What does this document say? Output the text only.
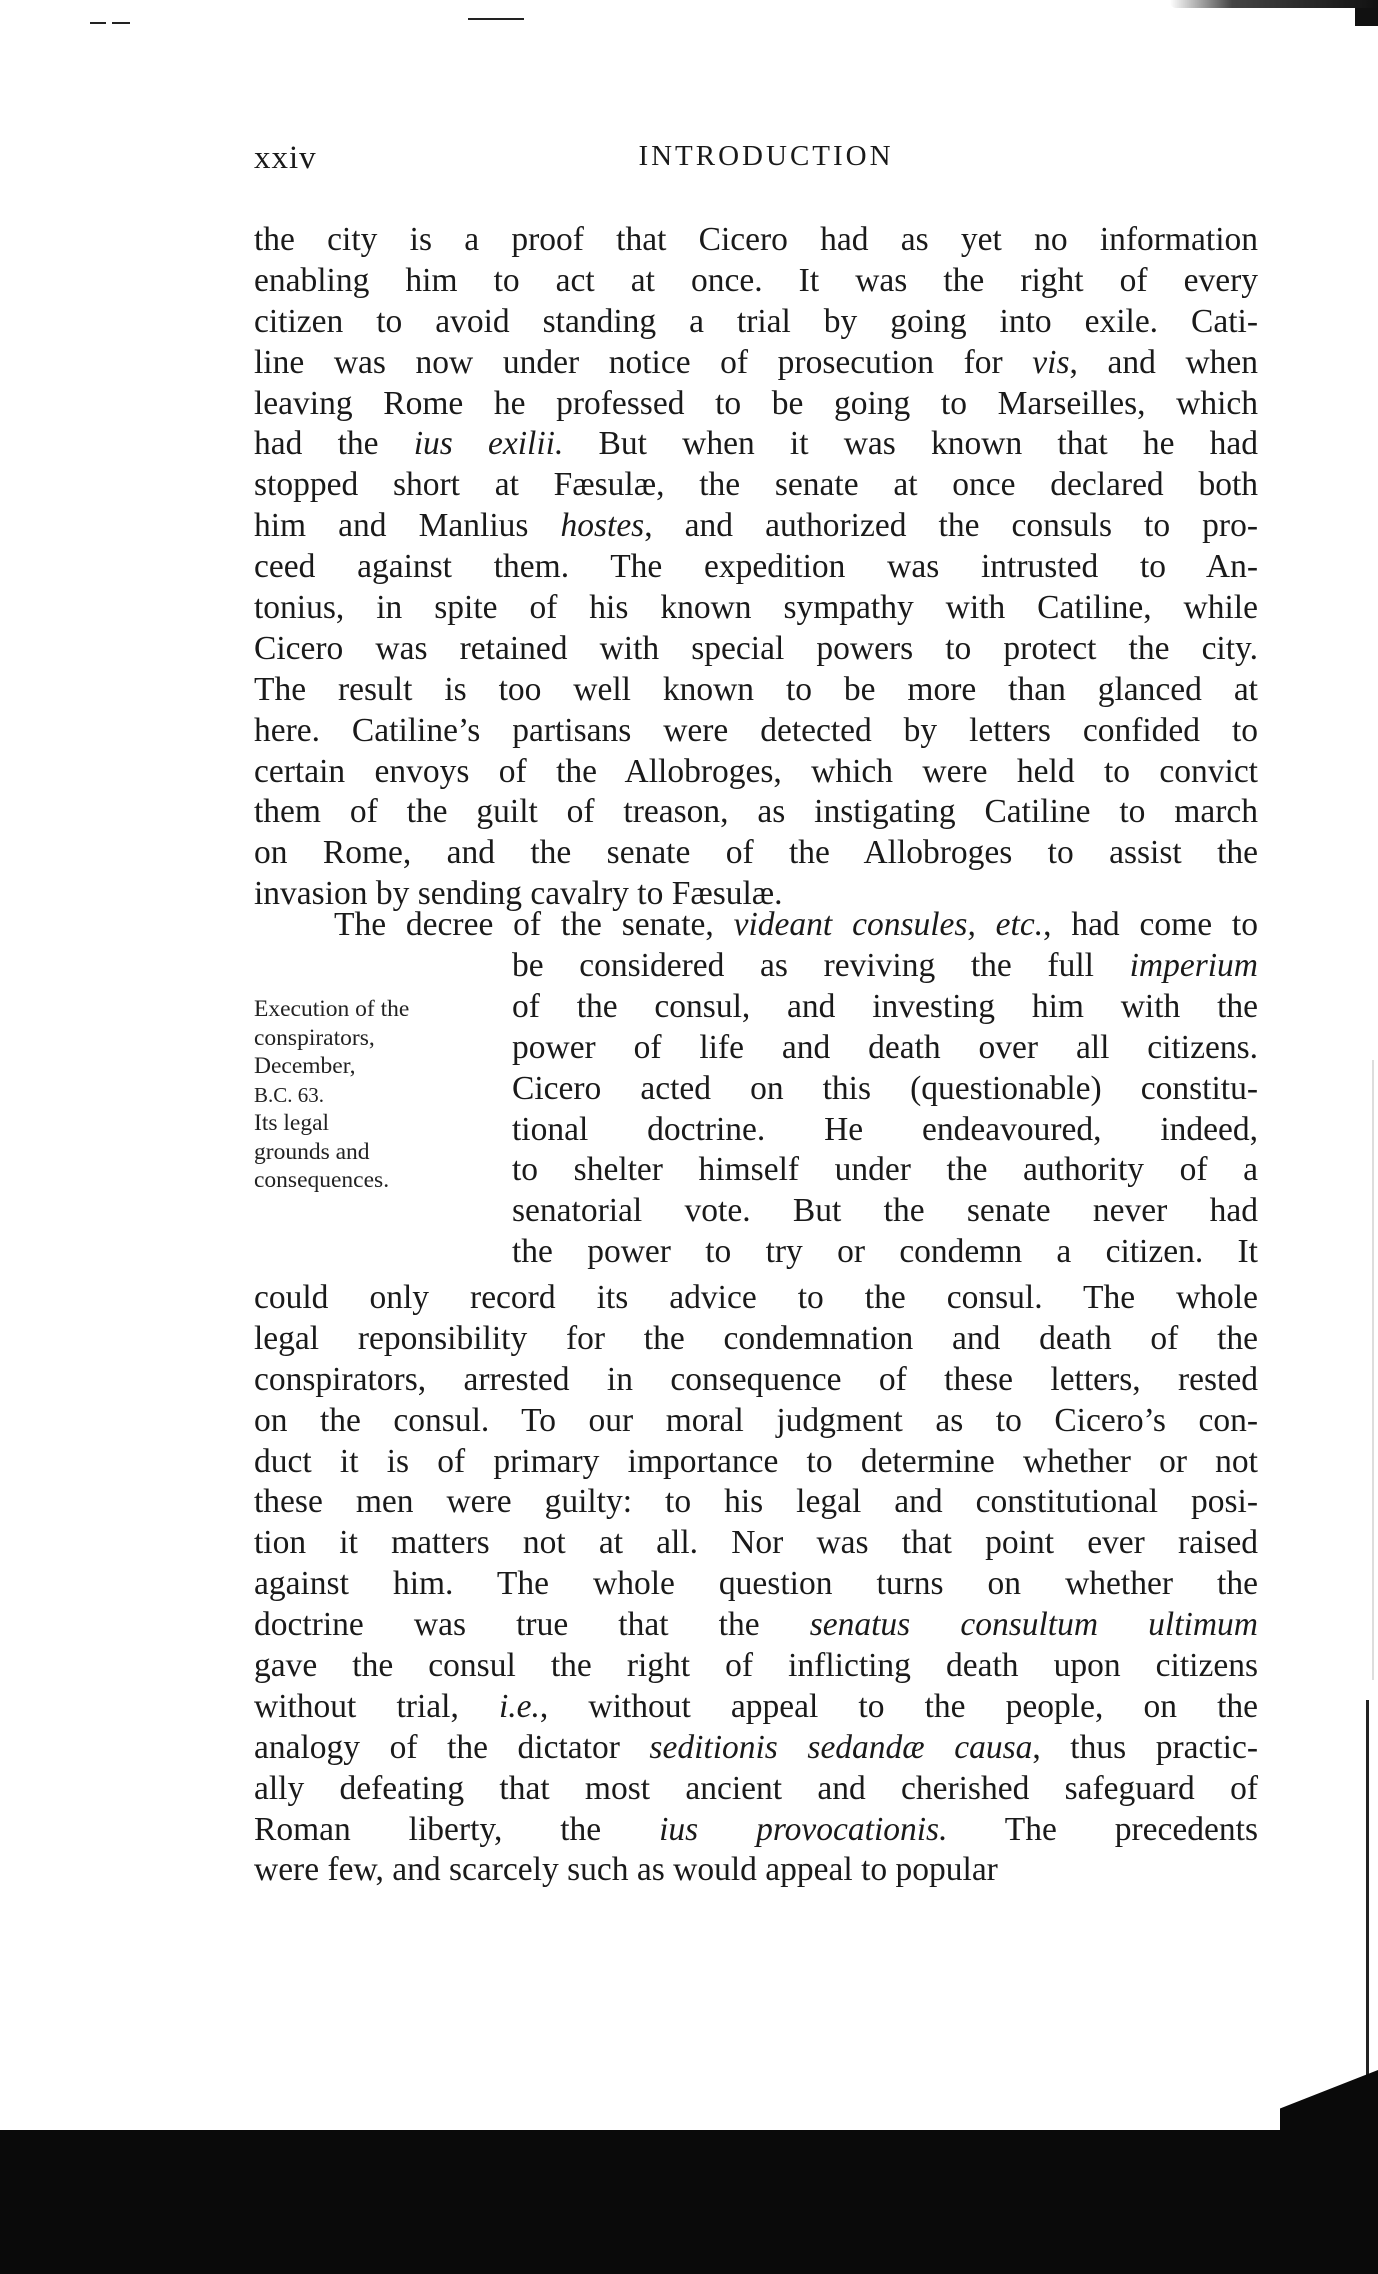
xxiv	INTRODUCTION
the city is a proof that Cicero had as yet no information
enabling him to act at once. It was the right of every
citizen to avoid standing a trial by going into exile. Cati-
line was now under notice of prosecution for vis, and when
leaving Rome he professed to be going to Marseilles, which
had the ius exilii. But when it was known that he had
stopped short at Fæsulæ, the senate at once declared both
him and Manlius hostes, and authorized the consuls to pro-
ceed against them. The expedition was intrusted to An-
tonius, in spite of his known sympathy with Catiline, while
Cicero was retained with special powers to protect the city.
The result is too well known to be more than glanced at
here. Catiline’s partisans were detected by letters confided to
certain envoys of the Allobroges, which were held to convict
them of the guilt of treason, as instigating Catiline to march
on Rome, and the senate of the Allobroges to assist the
invasion by sending cavalry to Fæsulæ.
The decree of the senate, videant consules, etc., had come to
be considered as reviving the full imperium
of the consul, and investing him with the
power of life and death over all citizens.
Cicero acted on this (questionable) constitu-
tional doctrine. He endeavoured, indeed,
to shelter himself under the authority of a
senatorial vote. But the senate never had
the power to try or condemn a citizen. It
Execution of the
conspirators,
December,
B.C. 63.
Its legal
grounds and
consequences.
could only record its advice to the consul. The whole
legal reponsibility for the condemnation and death of the
conspirators, arrested in consequence of these letters, rested
on the consul. To our moral judgment as to Cicero’s con-
duct it is of primary importance to determine whether or not
these men were guilty: to his legal and constitutional posi-
tion it matters not at all. Nor was that point ever raised
against him. The whole question turns on whether the
doctrine was true that the senatus consultum ultimum
gave the consul the right of inflicting death upon citizens
without trial, i.e., without appeal to the people, on the
analogy of the dictator seditionis sedandæ causa, thus practic-
ally defeating that most ancient and cherished safeguard of
Roman liberty, the ius provocationis. The precedents
were few, and scarcely such as would appeal to popular
